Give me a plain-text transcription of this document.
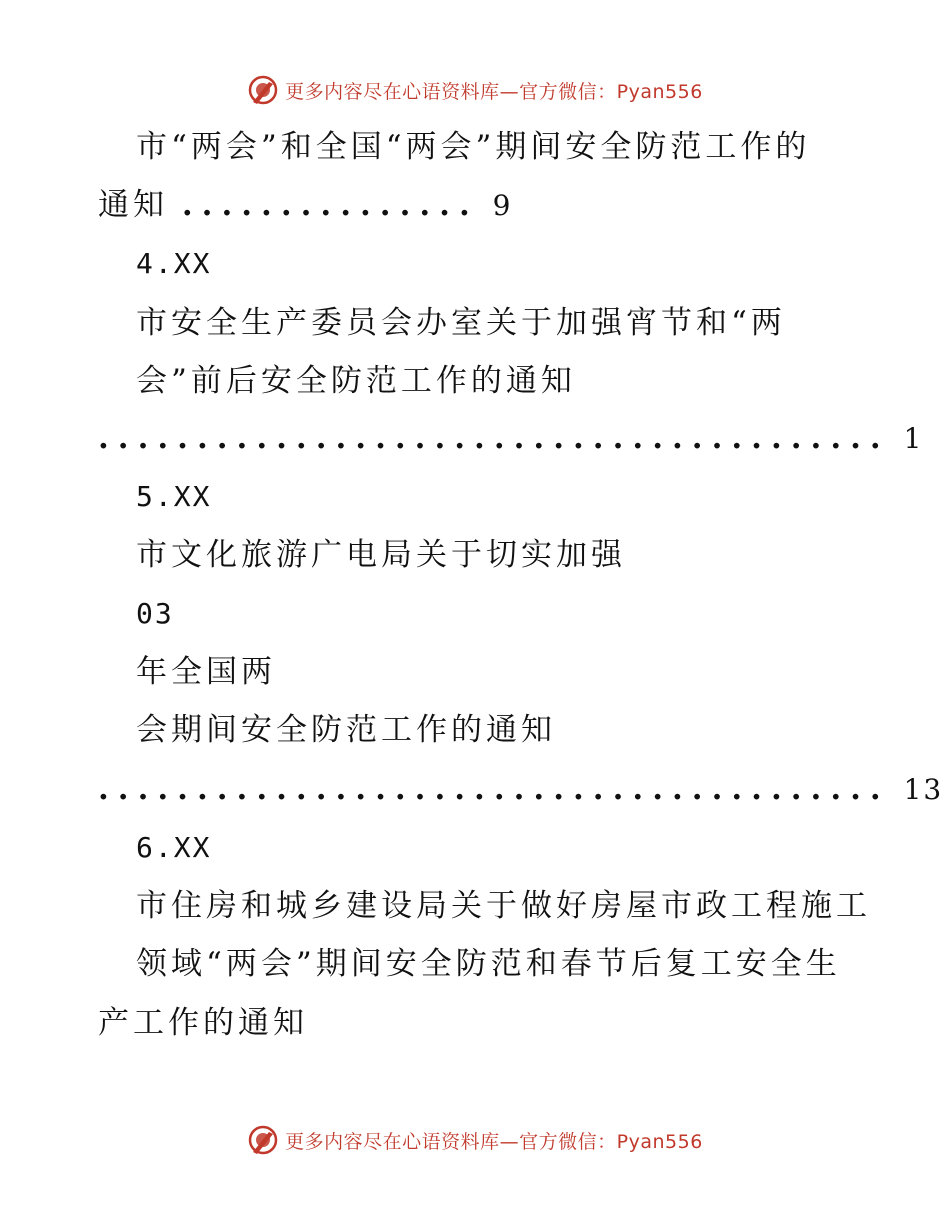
更多内容尽在心语资料库—官方微信：Pyan556
市“两会”和全国“两会”期间安全防范工作的
通知 ............... 9
4.XX
市安全生产委员会办室关于加强宵节和“两
会”前后安全防范工作的通知
........................................ 1
5.XX
市文化旅游广电局关于切实加强
03
年全国两
会期间安全防范工作的通知
........................................ 13
6.XX
市住房和城乡建设局关于做好房屋市政工程施工
领域“两会”期间安全防范和春节后复工安全生
产工作的通知
更多内容尽在心语资料库—官方微信：Pyan556
